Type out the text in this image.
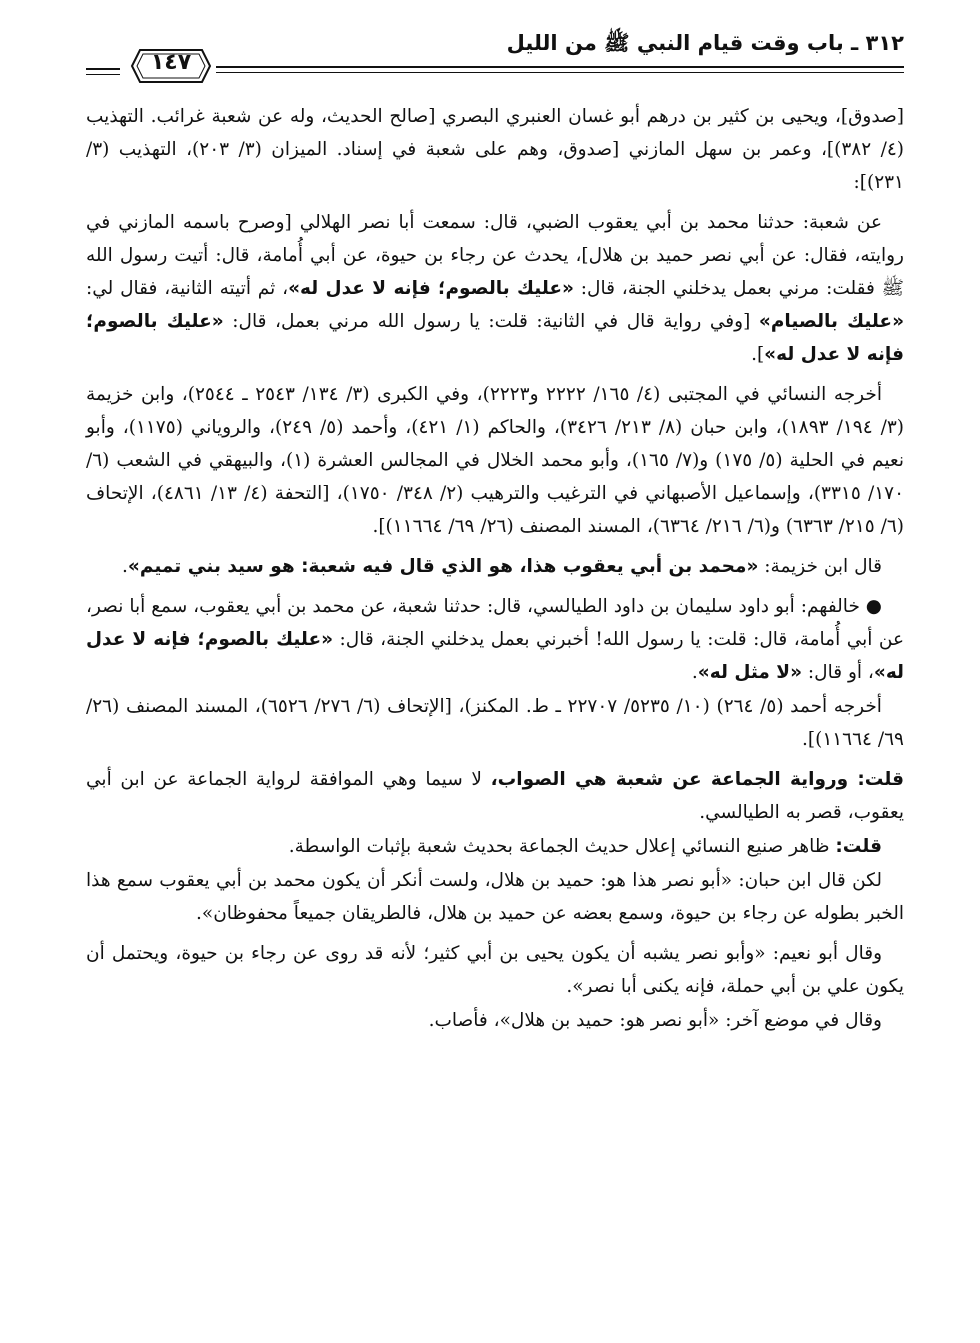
٣١٢ ـ باب وقت قيام النبي ﷺ من الليل
١٤٧

[صدوق]، ويحيى بن كثير بن درهم أبو غسان العنبري البصري [صالح الحديث، وله عن شعبة غرائب. التهذيب (٤/ ٣٨٢)]، وعمر بن سهل المازني [صدوق، وهم على شعبة في إسناد. الميزان (٣/ ٢٠٣)، التهذيب (٣/ ٢٣١)]:

عن شعبة: حدثنا محمد بن أبي يعقوب الضبي، قال: سمعت أبا نصر الهلالي [وصرح باسمه المازني في روايته، فقال: عن أبي نصر حميد بن هلال]، يحدث عن رجاء بن حيوة، عن أبي أُمامة، قال: أتيت رسول الله ﷺ فقلت: مرني بعمل يدخلني الجنة، قال: «عليك بالصوم؛ فإنه لا عدل له»، ثم أتيته الثانية، فقال لي: «عليك بالصيام» [وفي رواية قال في الثانية: قلت: يا رسول الله مرني بعمل، قال: «عليك بالصوم؛ فإنه لا عدل له»].

أخرجه النسائي في المجتبى (٤/ ١٦٥/ ٢٢٢٢ و٢٢٢٣)، وفي الكبرى (٣/ ١٣٤/ ٢٥٤٣ ـ ٢٥٤٤)، وابن خزيمة (٣/ ١٩٤/ ١٨٩٣)، وابن حبان (٨/ ٢١٣/ ٣٤٢٦)، والحاكم (١/ ٤٢١)، وأحمد (٥/ ٢٤٩)، والروياني (١١٧٥)، وأبو نعيم في الحلية (٥/ ١٧٥) و(٧/ ١٦٥)، وأبو محمد الخلال في المجالس العشرة (١)، والبيهقي في الشعب (٦/ ١٧٠/ ٣٣١٥)، وإسماعيل الأصبهاني في الترغيب والترهيب (٢/ ٣٤٨/ ١٧٥٠)، [التحفة (٤/ ١٣/ ٤٨٦١)، الإتحاف (٦/ ٢١٥/ ٦٣٦٣) و(٦/ ٢١٦/ ٦٣٦٤)، المسند المصنف (٢٦/ ٦٩/ ١١٦٦٤)].

قال ابن خزيمة: «محمد بن أبي يعقوب هذا، هو الذي قال فيه شعبة: هو سيد بني تميم».

● خالفهم: أبو داود سليمان بن داود الطيالسي، قال: حدثنا شعبة، عن محمد بن أبي يعقوب، سمع أبا نصر، عن أبي أُمامة، قال: قلت: يا رسول الله! أخبرني بعمل يدخلني الجنة، قال: «عليك بالصوم؛ فإنه لا عدل له»، أو قال: «لا مثل له».

أخرجه أحمد (٥/ ٢٦٤) (١٠/ ٥٢٣٥/ ٢٢٧٠٧ ـ ط. المكنز)، [الإتحاف (٦/ ٢٧٦/ ٦٥٢٦)، المسند المصنف (٢٦/ ٦٩/ ١١٦٦٤)].

قلت: ورواية الجماعة عن شعبة هي الصواب، لا سيما وهي الموافقة لرواية الجماعة عن ابن أبي يعقوب، قصر به الطيالسي.

قلت: ظاهر صنيع النسائي إعلال حديث الجماعة بحديث شعبة بإثبات الواسطة.

لكن قال ابن حبان: «أبو نصر هذا هو: حميد بن هلال، ولست أنكر أن يكون محمد بن أبي يعقوب سمع هذا الخبر بطوله عن رجاء بن حيوة، وسمع بعضه عن حميد بن هلال، فالطريقان جميعاً محفوظان».

وقال أبو نعيم: «وأبو نصر يشبه أن يكون يحيى بن أبي كثير؛ لأنه قد روى عن رجاء بن حيوة، ويحتمل أن يكون علي بن أبي حملة، فإنه يكنى أبا نصر».

وقال في موضع آخر: «أبو نصر هو: حميد بن هلال»، فأصاب.
